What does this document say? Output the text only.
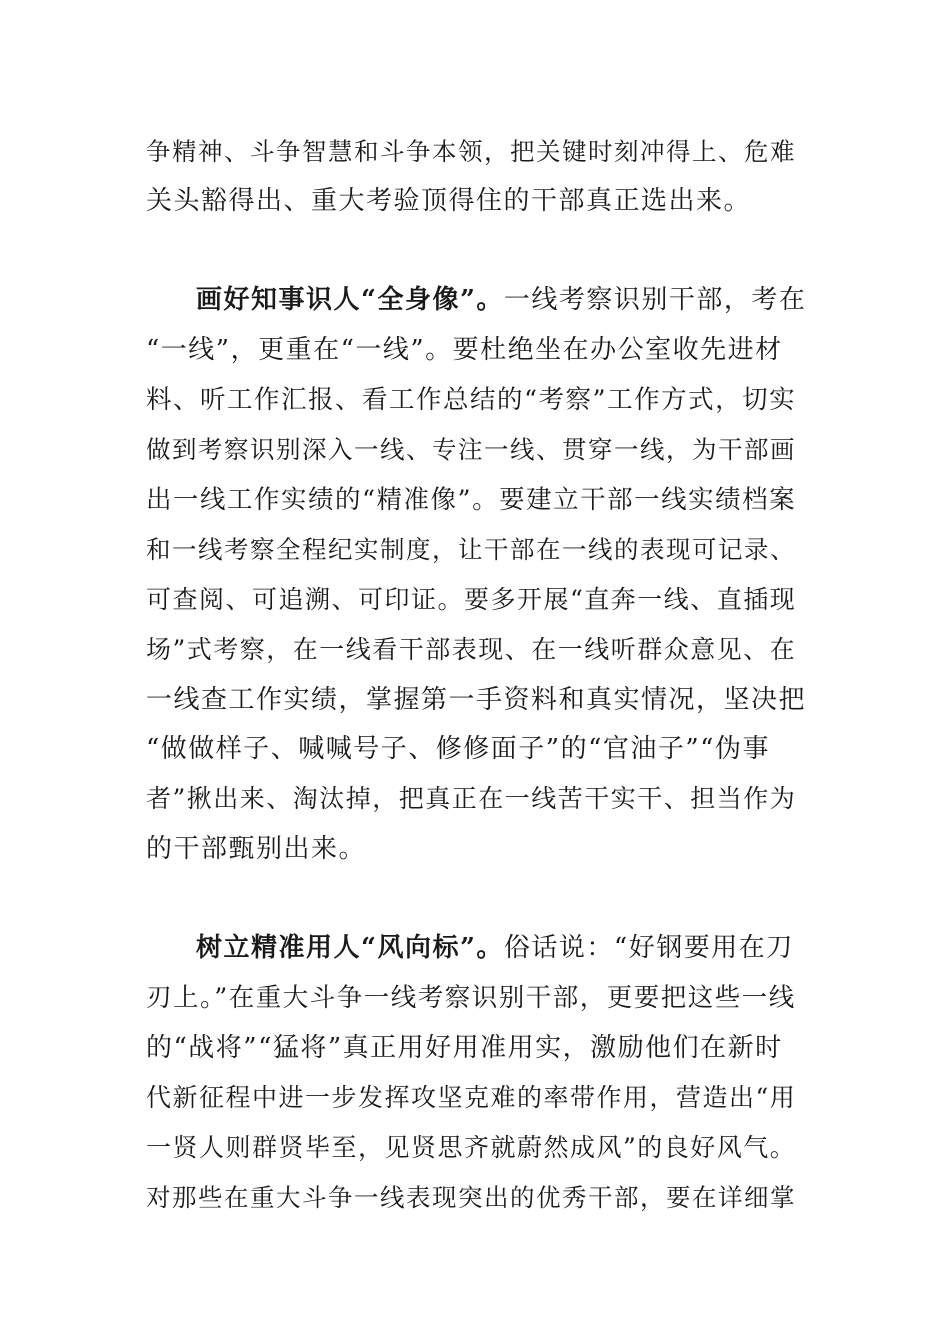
争精神、斗争智慧和斗争本领，把关键时刻冲得上、危难
关头豁得出、重大考验顶得住的干部真正选出来。
画好知事识人“全身像”。一线考察识别干部，考在
“一线”，更重在“一线”。要杜绝坐在办公室收先进材
料、听工作汇报、看工作总结的“考察”工作方式，切实
做到考察识别深入一线、专注一线、贯穿一线，为干部画
出一线工作实绩的“精准像”。要建立干部一线实绩档案
和一线考察全程纪实制度，让干部在一线的表现可记录、
可查阅、可追溯、可印证。要多开展“直奔一线、直插现
场”式考察，在一线看干部表现、在一线听群众意见、在
一线查工作实绩，掌握第一手资料和真实情况，坚决把
“做做样子、喊喊号子、修修面子”的“官油子”“伪事
者”揪出来、淘汰掉，把真正在一线苦干实干、担当作为
的干部甄别出来。
树立精准用人“风向标”。俗话说：“好钢要用在刀
刃上。”在重大斗争一线考察识别干部，更要把这些一线
的“战将”“猛将”真正用好用准用实，激励他们在新时
代新征程中进一步发挥攻坚克难的率带作用，营造出“用
一贤人则群贤毕至，见贤思齐就蔚然成风”的良好风气。
对那些在重大斗争一线表现突出的优秀干部，要在详细掌
